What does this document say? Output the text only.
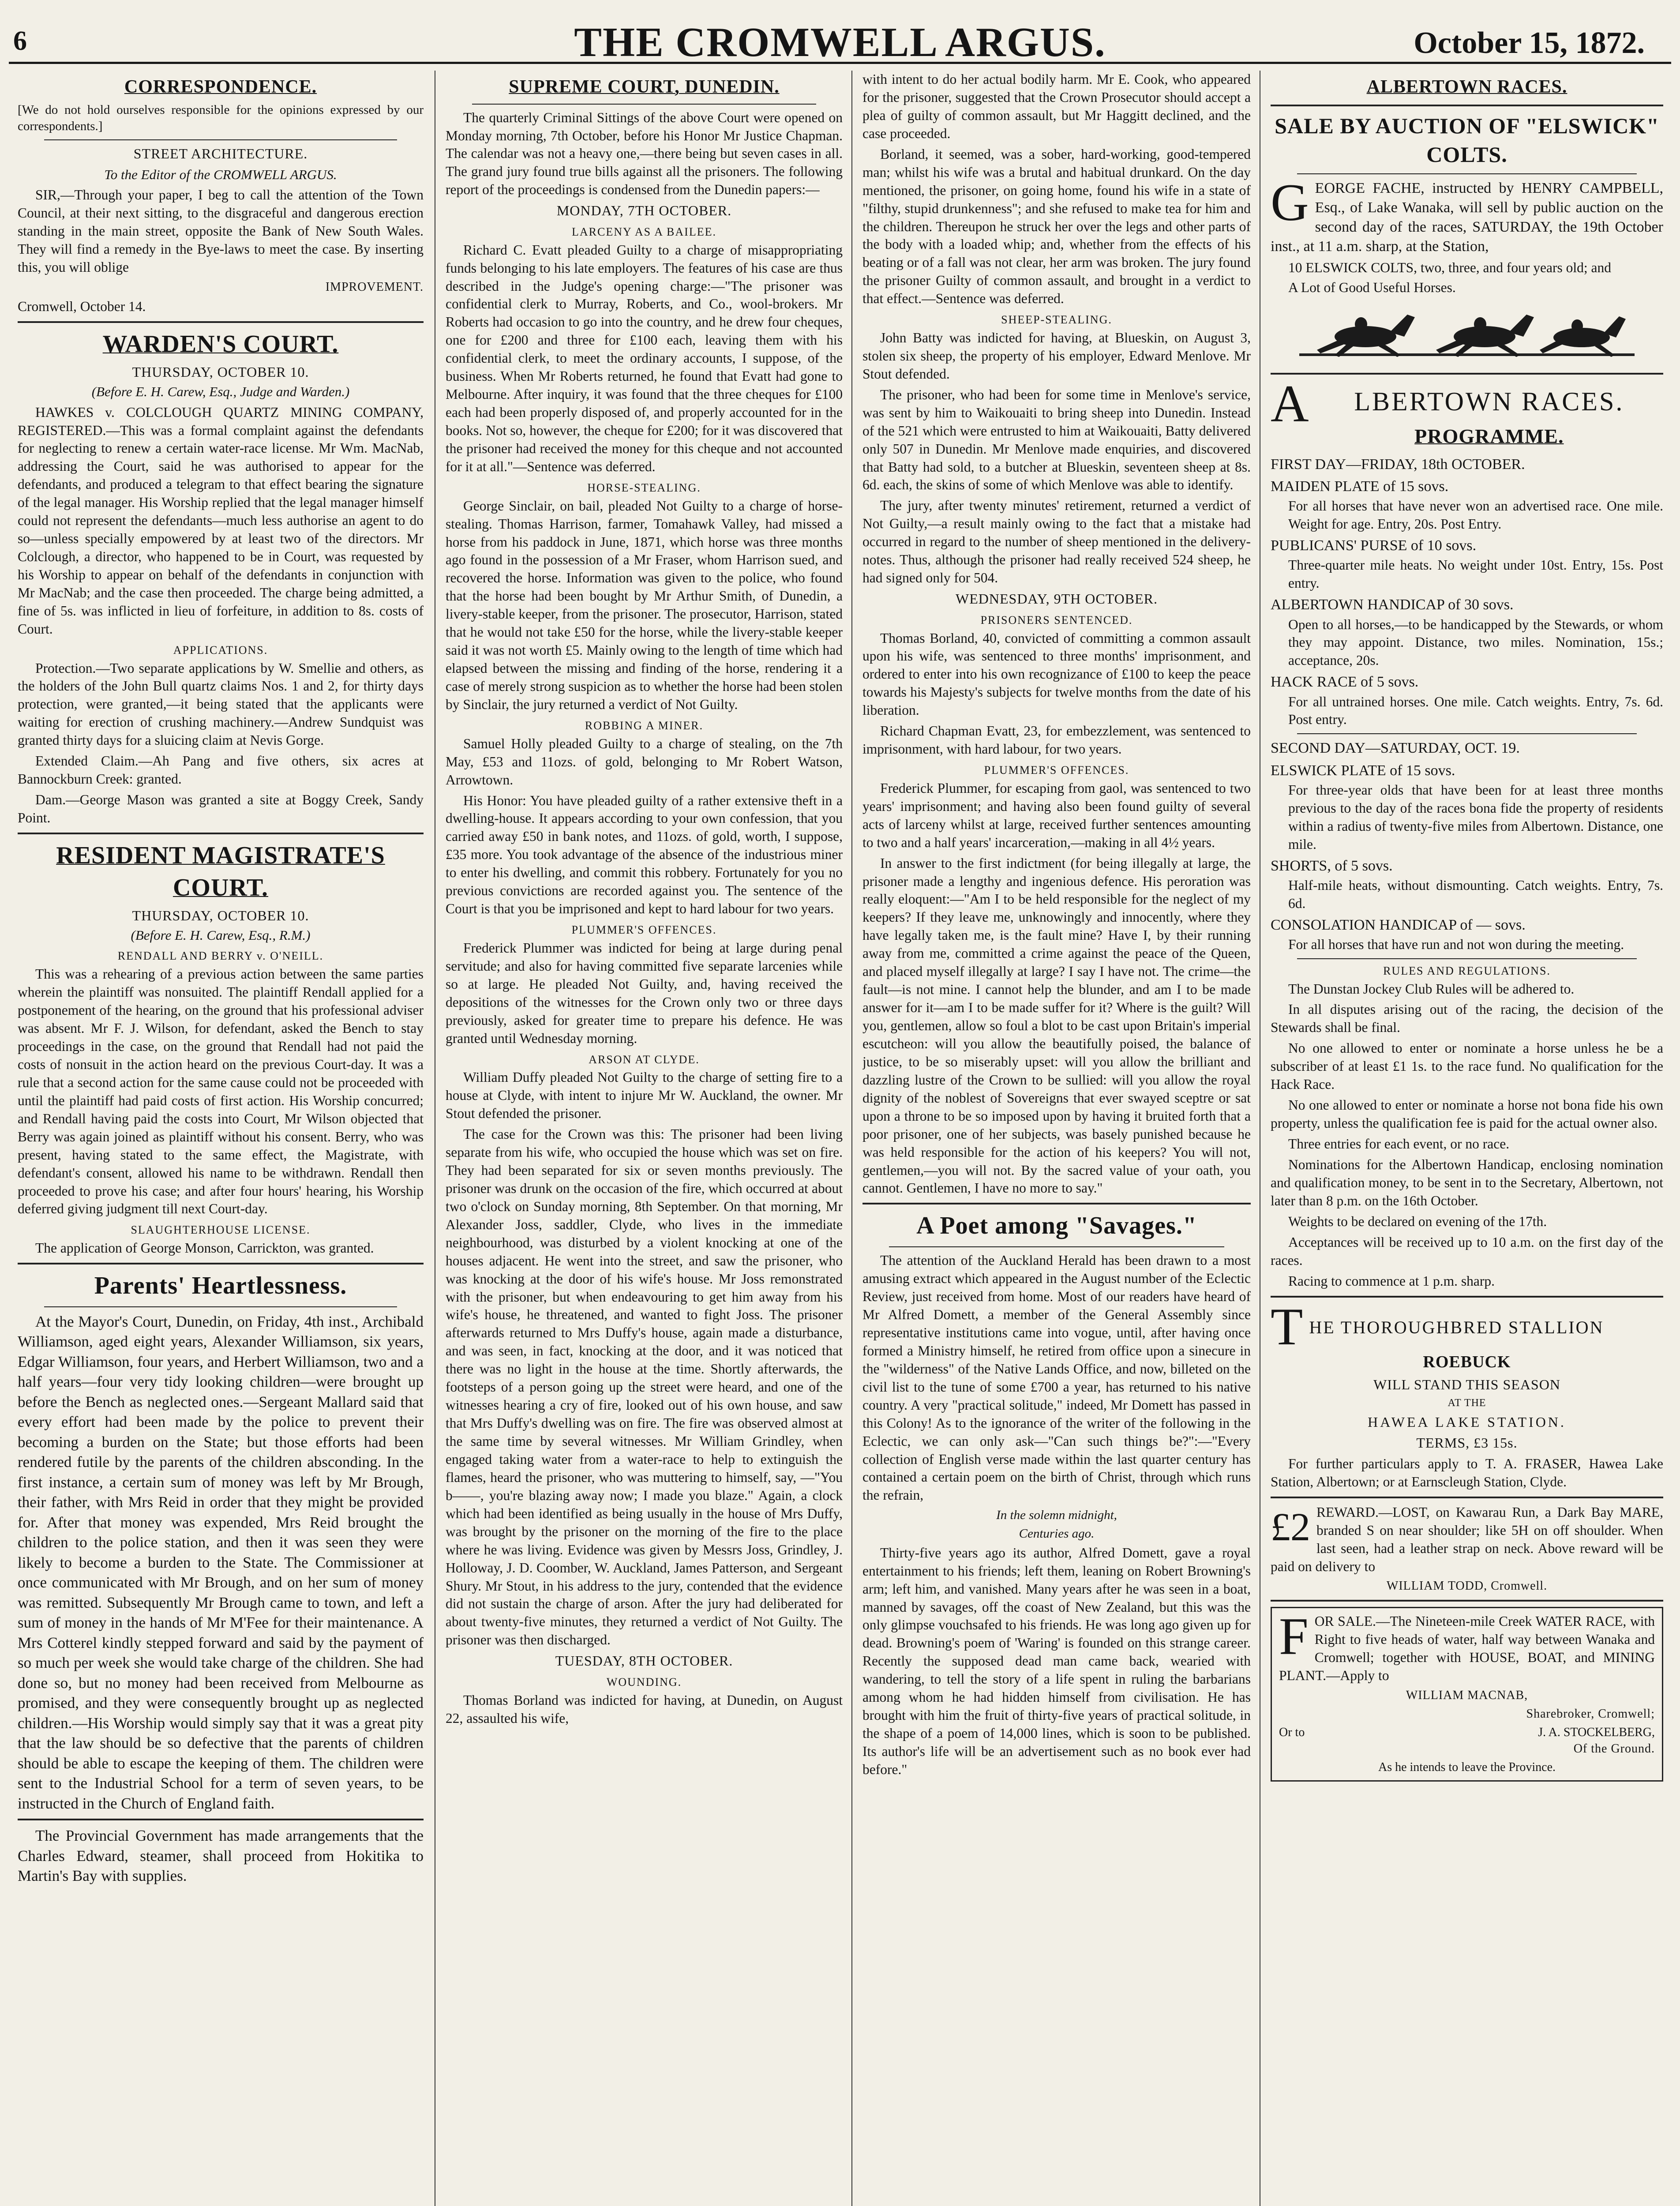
6	THE CROMWELL ARGUS.	October 15, 1872.
CORRESPONDENCE.

[We do not hold ourselves responsible for the opinions expressed by our correspondents.]

STREET ARCHITECTURE.
To the Editor of the CROMWELL ARGUS.

SIR,—Through your paper, I beg to call the attention of the Town Council, at their next sitting, to the disgraceful and dangerous erection standing in the main street, opposite the Bank of New South Wales. They will find a remedy in the Bye-laws to meet the case. By inserting this, you will oblige

IMPROVEMENT.

Cromwell, October 14.

WARDEN'S COURT.
THURSDAY, OCTOBER 10.
(Before E. H. Carew, Esq., Judge and Warden.)

HAWKES v. COLCLOUGH QUARTZ MINING COMPANY, REGISTERED.—This was a formal complaint against the defendants for neglecting to renew a certain water-race license. Mr Wm. MacNab, addressing the Court, said he was authorised to appear for the defendants, and produced a telegram to that effect bearing the signature of the legal manager. His Worship replied that the legal manager himself could not represent the defendants—much less authorise an agent to do so—unless specially empowered by at least two of the directors. Mr Colclough, a director, who happened to be in Court, was requested by his Worship to appear on behalf of the defendants in conjunction with Mr MacNab; and the case then proceeded. The charge being admitted, a fine of 5s. was inflicted in lieu of forfeiture, in addition to 8s. costs of Court.

APPLICATIONS.

Protection.—Two separate applications by W. Smellie and others, as the holders of the John Bull quartz claims Nos. 1 and 2, for thirty days protection, were granted,—it being stated that the applicants were waiting for erection of crushing machinery.—Andrew Sundquist was granted thirty days for a sluicing claim at Nevis Gorge.

Extended Claim.—Ah Pang and five others, six acres at Bannockburn Creek: granted.

Dam.—George Mason was granted a site at Boggy Creek, Sandy Point.

RESIDENT MAGISTRATE'S COURT.
THURSDAY, OCTOBER 10.
(Before E. H. Carew, Esq., R.M.)
RENDALL AND BERRY v. O'NEILL.

This was a rehearing of a previous action between the same parties wherein the plaintiff was nonsuited. The plaintiff Rendall applied for a postponement of the hearing, on the ground that his professional adviser was absent. Mr F. J. Wilson, for defendant, asked the Bench to stay proceedings in the case, on the ground that Rendall had not paid the costs of nonsuit in the action heard on the previous Court-day. It was a rule that a second action for the same cause could not be proceeded with until the plaintiff had paid costs of first action. His Worship concurred; and Rendall having paid the costs into Court, Mr Wilson objected that Berry was again joined as plaintiff without his consent. Berry, who was present, having stated to the same effect, the Magistrate, with defendant's consent, allowed his name to be withdrawn. Rendall then proceeded to prove his case; and after four hours' hearing, his Worship deferred giving judgment till next Court-day.

SLAUGHTERHOUSE LICENSE.

The application of George Monson, Carrickton, was granted.

Parents' Heartlessness.

At the Mayor's Court, Dunedin, on Friday, 4th inst., Archibald Williamson, aged eight years, Alexander Williamson, six years, Edgar Williamson, four years, and Herbert Williamson, two and a half years—four very tidy looking children—were brought up before the Bench as neglected ones.—Sergeant Mallard said that every effort had been made by the police to prevent their becoming a burden on the State; but those efforts had been rendered futile by the parents of the children absconding. In the first instance, a certain sum of money was left by Mr Brough, their father, with Mrs Reid in order that they might be provided for. After that money was expended, Mrs Reid brought the children to the police station, and then it was seen they were likely to become a burden to the State. The Commissioner at once communicated with Mr Brough, and on her sum of money was remitted. Subsequently Mr Brough came to town, and left a sum of money in the hands of Mr M'Fee for their maintenance. A Mrs Cotterel kindly stepped forward and said by the payment of so much per week she would take charge of the children. She had done so, but no money had been received from Melbourne as promised, and they were consequently brought up as neglected children.—His Worship would simply say that it was a great pity that the law should be so defective that the parents of children should be able to escape the keeping of them. The children were sent to the Industrial School for a term of seven years, to be instructed in the Church of England faith.

The Provincial Government has made arrangements that the Charles Edward, steamer, shall proceed from Hokitika to Martin's Bay with supplies.

SUPREME COURT, DUNEDIN.

The quarterly Criminal Sittings of the above Court were opened on Monday morning, 7th October, before his Honor Mr Justice Chapman. The calendar was not a heavy one,—there being but seven cases in all. The grand jury found true bills against all the prisoners. The following report of the proceedings is condensed from the Dunedin papers:—

MONDAY, 7TH OCTOBER.
LARCENY AS A BAILEE.

Richard C. Evatt pleaded Guilty to a charge of misappropriating funds belonging to his late employers. The features of his case are thus described in the Judge's opening charge:—"The prisoner was confidential clerk to Murray, Roberts, and Co., wool-brokers. Mr Roberts had occasion to go into the country, and he drew four cheques, one for £200 and three for £100 each, leaving them with his confidential clerk, to meet the ordinary accounts, I suppose, of the business. When Mr Roberts returned, he found that Evatt had gone to Melbourne. After inquiry, it was found that the three cheques for £100 each had been properly disposed of, and properly accounted for in the books. Not so, however, the cheque for £200; for it was discovered that the prisoner had received the money for this cheque and not accounted for it at all."—Sentence was deferred.

HORSE-STEALING.

George Sinclair, on bail, pleaded Not Guilty to a charge of horse-stealing. Thomas Harrison, farmer, Tomahawk Valley, had missed a horse from his paddock in June, 1871, which horse was three months ago found in the possession of a Mr Fraser, whom Harrison sued, and recovered the horse. Information was given to the police, who found that the horse had been bought by Mr Arthur Smith, of Dunedin, a livery-stable keeper, from the prisoner. The prosecutor, Harrison, stated that he would not take £50 for the horse, while the livery-stable keeper said it was not worth £5. Mainly owing to the length of time which had elapsed between the missing and finding of the horse, rendering it a case of merely strong suspicion as to whether the horse had been stolen by Sinclair, the jury returned a verdict of Not Guilty.

ROBBING A MINER.

Samuel Holly pleaded Guilty to a charge of stealing, on the 7th May, £53 and 11ozs. of gold, belonging to Mr Robert Watson, Arrowtown.

His Honor: You have pleaded guilty of a rather extensive theft in a dwelling-house. It appears according to your own confession, that you carried away £50 in bank notes, and 11ozs. of gold, worth, I suppose, £35 more. You took advantage of the absence of the industrious miner to enter his dwelling, and commit this robbery. Fortunately for you no previous convictions are recorded against you. The sentence of the Court is that you be imprisoned and kept to hard labour for two years.

PLUMMER'S OFFENCES.

Frederick Plummer was indicted for being at large during penal servitude; and also for having committed five separate larcenies while so at large. He pleaded Not Guilty, and, having received the depositions of the witnesses for the Crown only two or three days previously, asked for greater time to prepare his defence. He was granted until Wednesday morning.

ARSON AT CLYDE.

William Duffy pleaded Not Guilty to the charge of setting fire to a house at Clyde, with intent to injure Mr W. Auckland, the owner. Mr Stout defended the prisoner.

The case for the Crown was this: The prisoner had been living separate from his wife, who occupied the house which was set on fire. They had been separated for six or seven months previously. The prisoner was drunk on the occasion of the fire, which occurred at about two o'clock on Sunday morning, 8th September. On that morning, Mr Alexander Joss, saddler, Clyde, who lives in the immediate neighbourhood, was disturbed by a violent knocking at one of the houses adjacent. He went into the street, and saw the prisoner, who was knocking at the door of his wife's house. Mr Joss remonstrated with the prisoner, but when endeavouring to get him away from his wife's house, he threatened, and wanted to fight Joss. The prisoner afterwards returned to Mrs Duffy's house, again made a disturbance, and was seen, in fact, knocking at the door, and it was noticed that there was no light in the house at the time. Shortly afterwards, the footsteps of a person going up the street were heard, and one of the witnesses hearing a cry of fire, looked out of his own house, and saw that Mrs Duffy's dwelling was on fire. The fire was observed almost at the same time by several witnesses. Mr William Grindley, when engaged taking water from a water-race to help to extinguish the flames, heard the prisoner, who was muttering to himself, say, —"You b——, you're blazing away now; I made you blaze." Again, a clock which had been identified as being usually in the house of Mrs Duffy, was brought by the prisoner on the morning of the fire to the place where he was living. Evidence was given by Messrs Joss, Grindley, J. Holloway, J. D. Coomber, W. Auckland, James Patterson, and Sergeant Shury. Mr Stout, in his address to the jury, contended that the evidence did not sustain the charge of arson. After the jury had deliberated for about twenty-five minutes, they returned a verdict of Not Guilty. The prisoner was then discharged.

TUESDAY, 8TH OCTOBER.
WOUNDING.

Thomas Borland was indicted for having, at Dunedin, on August 22, assaulted his wife,

with intent to do her actual bodily harm. Mr E. Cook, who appeared for the prisoner, suggested that the Crown Prosecutor should accept a plea of guilty of common assault, but Mr Haggitt declined, and the case proceeded.

Borland, it seemed, was a sober, hard-working, good-tempered man; whilst his wife was a brutal and habitual drunkard. On the day mentioned, the prisoner, on going home, found his wife in a state of "filthy, stupid drunkenness"; and she refused to make tea for him and the children. Thereupon he struck her over the legs and other parts of the body with a loaded whip; and, whether from the effects of his beating or of a fall was not clear, her arm was broken. The jury found the prisoner Guilty of common assault, and brought in a verdict to that effect.—Sentence was deferred.

SHEEP-STEALING.

John Batty was indicted for having, at Blueskin, on August 3, stolen six sheep, the property of his employer, Edward Menlove. Mr Stout defended.

The prisoner, who had been for some time in Menlove's service, was sent by him to Waikouaiti to bring sheep into Dunedin. Instead of the 521 which were entrusted to him at Waikouaiti, Batty delivered only 507 in Dunedin. Mr Menlove made enquiries, and discovered that Batty had sold, to a butcher at Blueskin, seventeen sheep at 8s. 6d. each, the skins of some of which Menlove was able to identify.

The jury, after twenty minutes' retirement, returned a verdict of Not Guilty,—a result mainly owing to the fact that a mistake had occurred in regard to the number of sheep mentioned in the delivery-notes. Thus, although the prisoner had really received 524 sheep, he had signed only for 504.

WEDNESDAY, 9TH OCTOBER.
PRISONERS SENTENCED.

Thomas Borland, 40, convicted of committing a common assault upon his wife, was sentenced to three months' imprisonment, and ordered to enter into his own recognizance of £100 to keep the peace towards his Majesty's subjects for twelve months from the date of his liberation.

Richard Chapman Evatt, 23, for embezzlement, was sentenced to imprisonment, with hard labour, for two years.

PLUMMER'S OFFENCES.

Frederick Plummer, for escaping from gaol, was sentenced to two years' imprisonment; and having also been found guilty of several acts of larceny whilst at large, received further sentences amounting to two and a half years' incarceration,—making in all 4½ years.

In answer to the first indictment (for being illegally at large, the prisoner made a lengthy and ingenious defence. His peroration was really eloquent:—"Am I to be held responsible for the neglect of my keepers? If they leave me, unknowingly and innocently, where they have legally taken me, is the fault mine? Have I, by their running away from me, committed a crime against the peace of the Queen, and placed myself illegally at large? I say I have not. The crime—the fault—is not mine. I cannot help the blunder, and am I to be made answer for it—am I to be made suffer for it? Where is the guilt? Will you, gentlemen, allow so foul a blot to be cast upon Britain's imperial escutcheon: will you allow the beautifully poised, the balance of justice, to be so miserably upset: will you allow the brilliant and dazzling lustre of the Crown to be sullied: will you allow the royal dignity of the noblest of Sovereigns that ever swayed sceptre or sat upon a throne to be so imposed upon by having it bruited forth that a poor prisoner, one of her subjects, was basely punished because he was held responsible for the action of his keepers? You will not, gentlemen,—you will not. By the sacred value of your oath, you cannot. Gentlemen, I have no more to say."

A Poet among "Savages."

The attention of the Auckland Herald has been drawn to a most amusing extract which appeared in the August number of the Eclectic Review, just received from home. Most of our readers have heard of Mr Alfred Domett, a member of the General Assembly since representative institutions came into vogue, until, after having once formed a Ministry himself, he retired from office upon a sinecure in the "wilderness" of the Native Lands Office, and now, billeted on the civil list to the tune of some £700 a year, has returned to his native country. A very "practical solitude," indeed, Mr Domett has passed in this Colony! As to the ignorance of the writer of the following in the Eclectic, we can only ask—"Can such things be?":—"Every collection of English verse made within the last quarter century has contained a certain poem on the birth of Christ, through which runs the refrain,

In the solemn midnight,
Centuries ago.

Thirty-five years ago its author, Alfred Domett, gave a royal entertainment to his friends; left them, leaning on Robert Browning's arm; left him, and vanished. Many years after he was seen in a boat, manned by savages, off the coast of New Zealand, but this was the only glimpse vouchsafed to his friends. He was long ago given up for dead. Browning's poem of 'Waring' is founded on this strange career. Recently the supposed dead man came back, wearied with wandering, to tell the story of a life spent in ruling the barbarians among whom he had hidden himself from civilisation. He has brought with him the fruit of thirty-five years of practical solitude, in the shape of a poem of 14,000 lines, which is soon to be published. Its author's life will be an advertisement such as no book ever had before."

ALBERTOWN RACES.
SALE BY AUCTION OF "ELSWICK" COLTS.

G EORGE FACHE, instructed by HENRY CAMPBELL, Esq., of Lake Wanaka, will sell by public auction on the second day of the races, SATURDAY, the 19th October inst., at 11 a.m. sharp, at the Station,

10 ELSWICK COLTS, two, three, and four years old; and

A Lot of Good Useful Horses.

A	LBERTOWN RACES.
PROGRAMME.

FIRST DAY—FRIDAY, 18th OCTOBER.

MAIDEN PLATE of 15 sovs.

For all horses that have never won an advertised race. One mile. Weight for age. Entry, 20s. Post Entry.

PUBLICANS' PURSE of 10 sovs.

Three-quarter mile heats. No weight under 10st. Entry, 15s. Post entry.

ALBERTOWN HANDICAP of 30 sovs.

Open to all horses,—to be handicapped by the Stewards, or whom they may appoint. Distance, two miles. Nomination, 15s.; acceptance, 20s.

HACK RACE of 5 sovs.

For all untrained horses. One mile. Catch weights. Entry, 7s. 6d. Post entry.

SECOND DAY—SATURDAY, OCT. 19.

ELSWICK PLATE of 15 sovs.

For three-year olds that have been for at least three months previous to the day of the races bona fide the property of residents within a radius of twenty-five miles from Albertown. Distance, one mile.

SHORTS, of 5 sovs.

Half-mile heats, without dismounting. Catch weights. Entry, 7s. 6d.

CONSOLATION HANDICAP of — sovs.

For all horses that have run and not won during the meeting.

RULES AND REGULATIONS.

The Dunstan Jockey Club Rules will be adhered to.

In all disputes arising out of the racing, the decision of the Stewards shall be final.

No one allowed to enter or nominate a horse unless he be a subscriber of at least £1 1s. to the race fund. No qualification for the Hack Race.

No one allowed to enter or nominate a horse not bona fide his own property, unless the qualification fee is paid for the actual owner also.

Three entries for each event, or no race.

Nominations for the Albertown Handicap, enclosing nomination and qualification money, to be sent in to the Secretary, Albertown, not later than 8 p.m. on the 16th October.

Weights to be declared on evening of the 17th.

Acceptances will be received up to 10 a.m. on the first day of the races.

Racing to commence at 1 p.m. sharp.

T HE THOROUGHBRED STALLION
ROEBUCK
WILL STAND THIS SEASON
AT THE
HAWEA LAKE STATION.
TERMS, £3 15s.

For further particulars apply to T. A. FRASER, Hawea Lake Station, Albertown; or at Earnscleugh Station, Clyde.

£2 REWARD.—LOST, on Kawarau Run, a Dark Bay MARE, branded S on near shoulder; like 5H on off shoulder. When last seen, had a leather strap on neck. Above reward will be paid on delivery to

WILLIAM TODD, Cromwell.

F OR SALE.—The Nineteen-mile Creek WATER RACE, with Right to five heads of water, half way between Wanaka and Cromwell; together with HOUSE, BOAT, and MINING PLANT.—Apply to

WILLIAM MACNAB,
Sharebroker, Cromwell;
Or to	J. A. STOCKELBERG,
Of the Ground.
As he intends to leave the Province.
